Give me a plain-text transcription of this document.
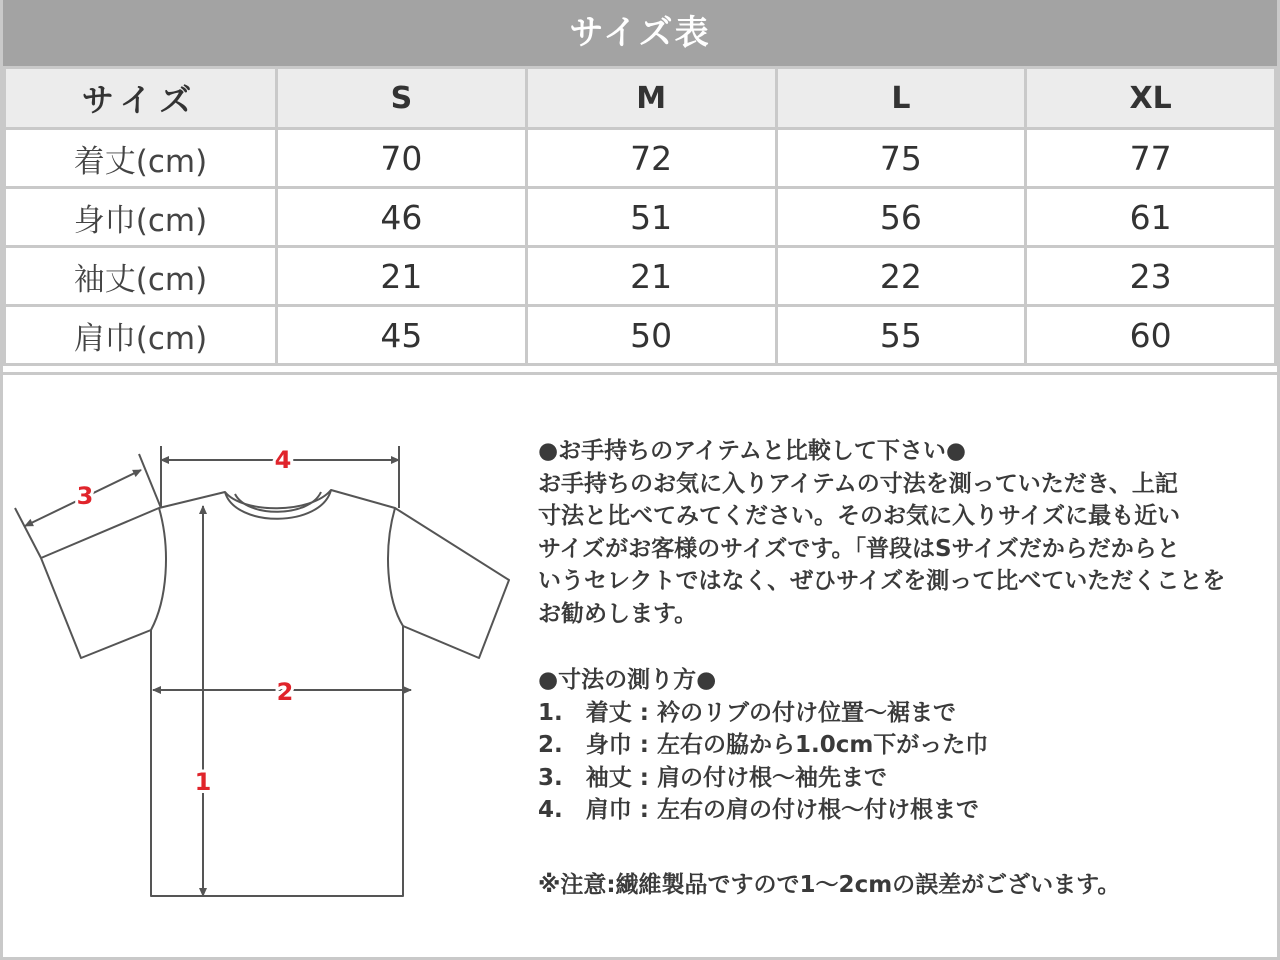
サイズ表
サイズ	S	M	L	XL
着丈(cm)	70	72	75	77
身巾(cm)	46	51	56	61
袖丈(cm)	21	21	22	23
肩巾(cm)	45	50	55	60
4
3
1
2
●お手持ちのアイテムと比較して下さい●
お手持ちのお気に入りアイテムの寸法を測っていただき、上記
寸法と比べてみてください。そのお気に入りサイズに最も近い
サイズがお客様のサイズです。｢普段はSサイズだからだからと
いうセレクトではなく、ぜひサイズを測って比べていただくことを
お勧めします。
●寸法の測り方●
1.　着丈 : 衿のリブの付け位置～裾まで
2.　身巾 : 左右の脇から1.0cm下がった巾
3.　袖丈 : 肩の付け根～袖先まで
4.　肩巾 : 左右の肩の付け根～付け根まで
※注意:繊維製品ですので1～2cmの誤差がございます。
